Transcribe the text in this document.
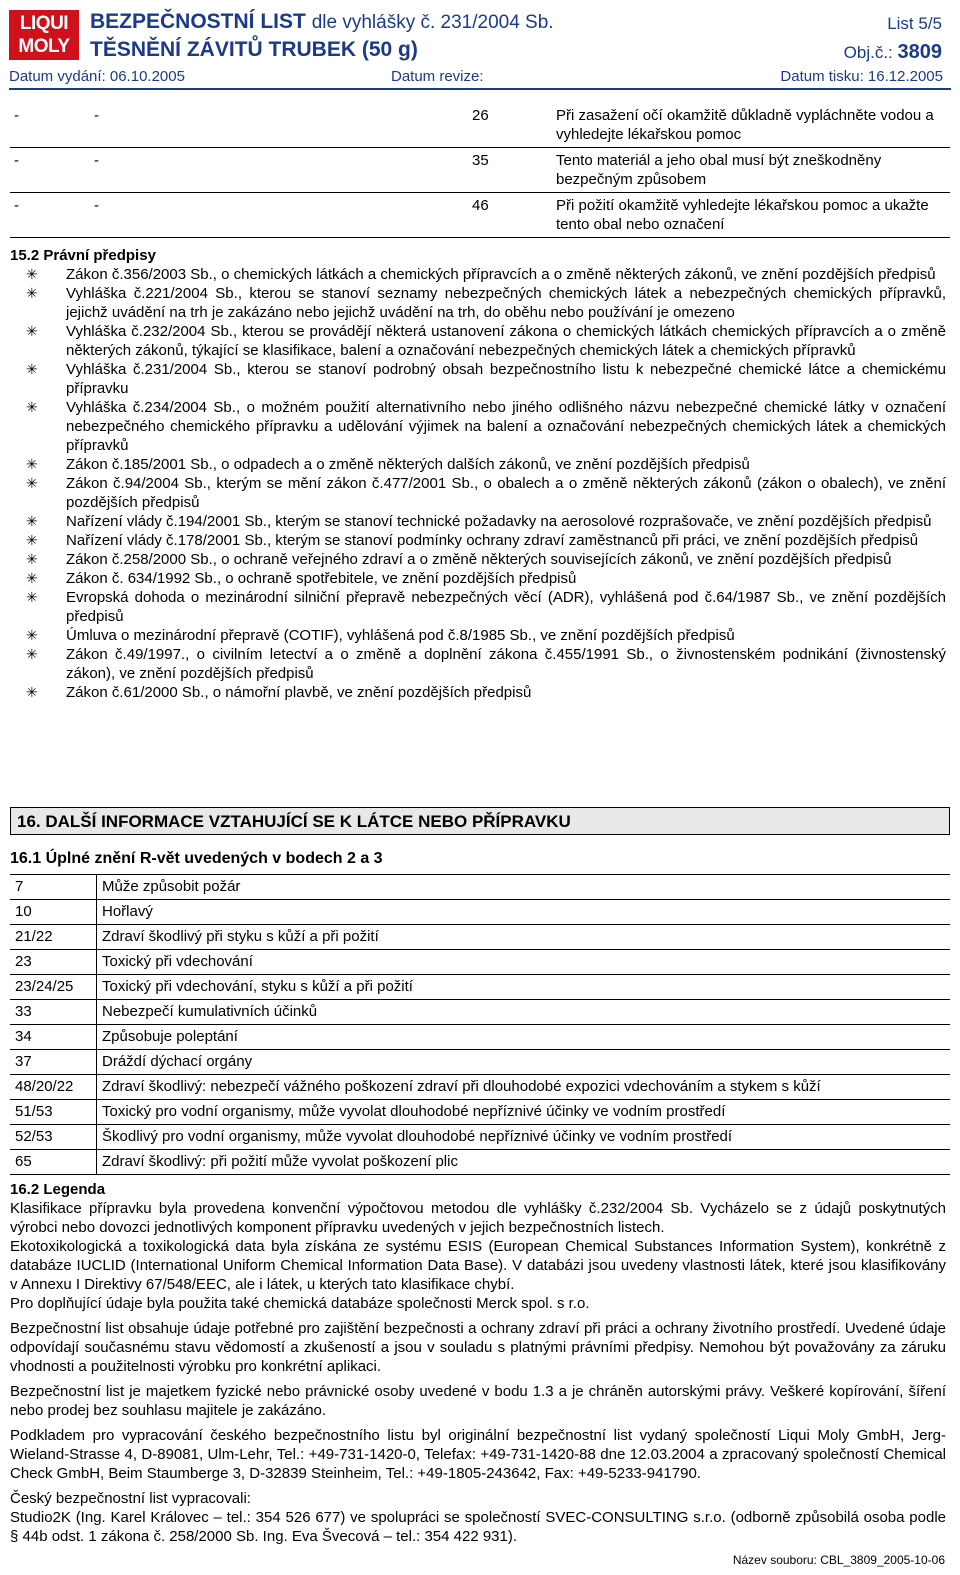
LIQUI
MOLY
BEZPEČNOSTNÍ LIST dle vyhlášky č. 231/2004 Sb.
TĚSNĚNÍ ZÁVITŮ TRUBEK (50 g)
List 5/5
Obj.č.: 3809
Datum vydání: 06.10.2005	Datum revize:	Datum tisku: 16.12.2005
-	-	26	Při zasažení očí okamžitě důkladně vypláchněte vodou a vyhledejte lékařskou pomoc
-	-	35	Tento materiál a jeho obal musí být zneškodněny bezpečným způsobem
-	-	46	Při požití okamžitě vyhledejte lékařskou pomoc a ukažte tento obal nebo označení
15.2 Právní předpisy

✳ Zákon č.356/2003 Sb., o chemických látkách a chemických přípravcích a o změně některých zákonů, ve znění pozdějších předpisů

✳ Vyhláška č.221/2004 Sb., kterou se stanoví seznamy nebezpečných chemických látek a nebezpečných chemických přípravků, jejichž uvádění na trh je zakázáno nebo jejichž uvádění na trh, do oběhu nebo používání je omezeno

✳ Vyhláška č.232/2004 Sb., kterou se provádějí některá ustanovení zákona o chemických látkách chemických přípravcích a o změně některých zákonů, týkající se klasifikace, balení a označování nebezpečných chemických látek a chemických přípravků

✳ Vyhláška č.231/2004 Sb., kterou se stanoví podrobný obsah bezpečnostního listu k nebezpečné chemické látce a chemickému přípravku

✳ Vyhláška č.234/2004 Sb., o možném použití alternativního nebo jiného odlišného názvu nebezpečné chemické látky v označení nebezpečného chemického přípravku a udělování výjimek na balení a označování nebezpečných chemických látek a chemických přípravků

✳ Zákon č.185/2001 Sb., o odpadech a o změně některých dalších zákonů, ve znění pozdějších předpisů

✳ Zákon č.94/2004 Sb., kterým se mění zákon č.477/2001 Sb., o obalech a o změně některých zákonů (zákon o obalech), ve znění pozdějších předpisů

✳ Nařízení vlády č.194/2001 Sb., kterým se stanoví technické požadavky na aerosolové rozprašovače, ve znění pozdějších předpisů

✳ Nařízení vlády č.178/2001 Sb., kterým se stanoví podmínky ochrany zdraví zaměstnanců při práci, ve znění pozdějších předpisů

✳ Zákon č.258/2000 Sb., o ochraně veřejného zdraví a o změně některých souvisejících zákonů, ve znění pozdějších předpisů

✳ Zákon č. 634/1992 Sb., o ochraně spotřebitele, ve znění pozdějších předpisů

✳ Evropská dohoda o mezinárodní silniční přepravě nebezpečných věcí (ADR), vyhlášená pod č.64/1987 Sb., ve znění pozdějších předpisů

✳ Úmluva o mezinárodní přepravě (COTIF), vyhlášená pod č.8/1985 Sb., ve znění pozdějších předpisů

✳ Zákon č.49/1997., o civilním letectví a o změně a doplnění zákona č.455/1991 Sb., o živnostenském podnikání (živnostenský zákon), ve znění pozdějších předpisů

✳ Zákon č.61/2000 Sb., o námořní plavbě, ve znění pozdějších předpisů

16. DALŠÍ INFORMACE VZTAHUJÍCÍ SE K LÁTCE NEBO PŘÍPRAVKU
16.1 Úplné znění R-vět uvedených v bodech 2 a 3
7	Může způsobit požár
10	Hořlavý
21/22	Zdraví škodlivý při styku s kůží a při požití
23	Toxický při vdechování
23/24/25	Toxický při vdechování, styku s kůží a při požití
33	Nebezpečí kumulativních účinků
34	Způsobuje poleptání
37	Dráždí dýchací orgány
48/20/22	Zdraví škodlivý: nebezpečí vážného poškození zdraví při dlouhodobé expozici vdechováním a stykem s kůží
51/53	Toxický pro vodní organismy, může vyvolat dlouhodobé nepříznivé účinky ve vodním prostředí
52/53	Škodlivý pro vodní organismy, může vyvolat dlouhodobé nepříznivé účinky ve vodním prostředí
65	Zdraví škodlivý: při požití může vyvolat poškození plic
16.2 Legenda

Klasifikace přípravku byla provedena konvenční výpočtovou metodou dle vyhlášky č.232/2004 Sb. Vycházelo se z údajů poskytnutých výrobci nebo dovozci jednotlivých komponent přípravku uvedených v jejich bezpečnostních listech.

Ekotoxikologická a toxikologická data byla získána ze systému ESIS (European Chemical Substances Information System), konkrétně z databáze IUCLID (International Uniform Chemical Information Data Base). V databázi jsou uvedeny vlastnosti látek, které jsou klasifikovány v Annexu I Direktivy 67/548/EEC, ale i látek, u kterých tato klasifikace chybí.

Pro doplňující údaje byla použita také chemická databáze společnosti Merck spol. s r.o.

Bezpečnostní list obsahuje údaje potřebné pro zajištění bezpečnosti a ochrany zdraví při práci a ochrany životního prostředí. Uvedené údaje odpovídají současnému stavu vědomostí a zkušeností a jsou v souladu s platnými právními předpisy. Nemohou být považovány za záruku vhodnosti a použitelnosti výrobku pro konkrétní aplikaci.

Bezpečnostní list je majetkem fyzické nebo právnické osoby uvedené v bodu 1.3 a je chráněn autorskými právy. Veškeré kopírování, šíření nebo prodej bez souhlasu majitele je zakázáno.

Podkladem pro vypracování českého bezpečnostního listu byl originální bezpečnostní list vydaný společností Liqui Moly GmbH, Jerg-Wieland-Strasse 4, D-89081, Ulm-Lehr, Tel.: +49-731-1420-0, Telefax: +49-731-1420-88 dne 12.03.2004 a zpracovaný společností Chemical Check GmbH, Beim Staumberge 3, D-32839 Steinheim, Tel.: +49-1805-243642, Fax: +49-5233-941790.

Český bezpečnostní list vypracovali:

Studio2K (Ing. Karel Královec – tel.: 354 526 677) ve spolupráci se společností SVEC-CONSULTING s.r.o. (odborně způsobilá osoba podle § 44b odst. 1 zákona č. 258/2000 Sb. Ing. Eva Švecová – tel.: 354 422 931).

Název souboru: CBL_3809_2005-10-06
